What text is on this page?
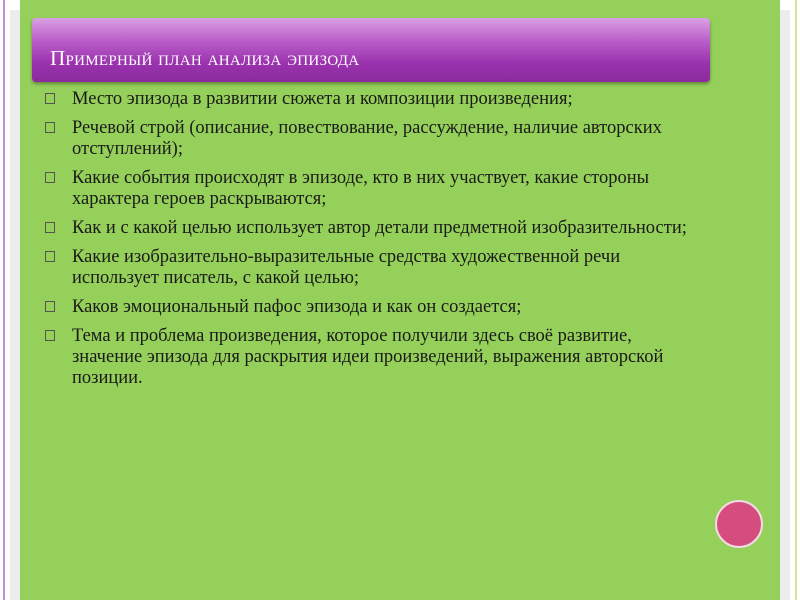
Примерный план анализа эпизода
Место эпизода в развитии сюжета и композиции произведения;
Речевой строй (описание, повествование, рассуждение, наличие авторских отступлений);
Какие события происходят в эпизоде, кто в них участвует, какие стороны характера героев раскрываются;
Как и с какой целью использует автор детали предметной изобразительности;
Какие изобразительно-выразительные средства художественной речи использует писатель, с какой целью;
Каков эмоциональный пафос эпизода и как он создается;
Тема и проблема произведения, которое получили здесь своё развитие, значение эпизода для раскрытия идеи произведений, выражения авторской позиции.
